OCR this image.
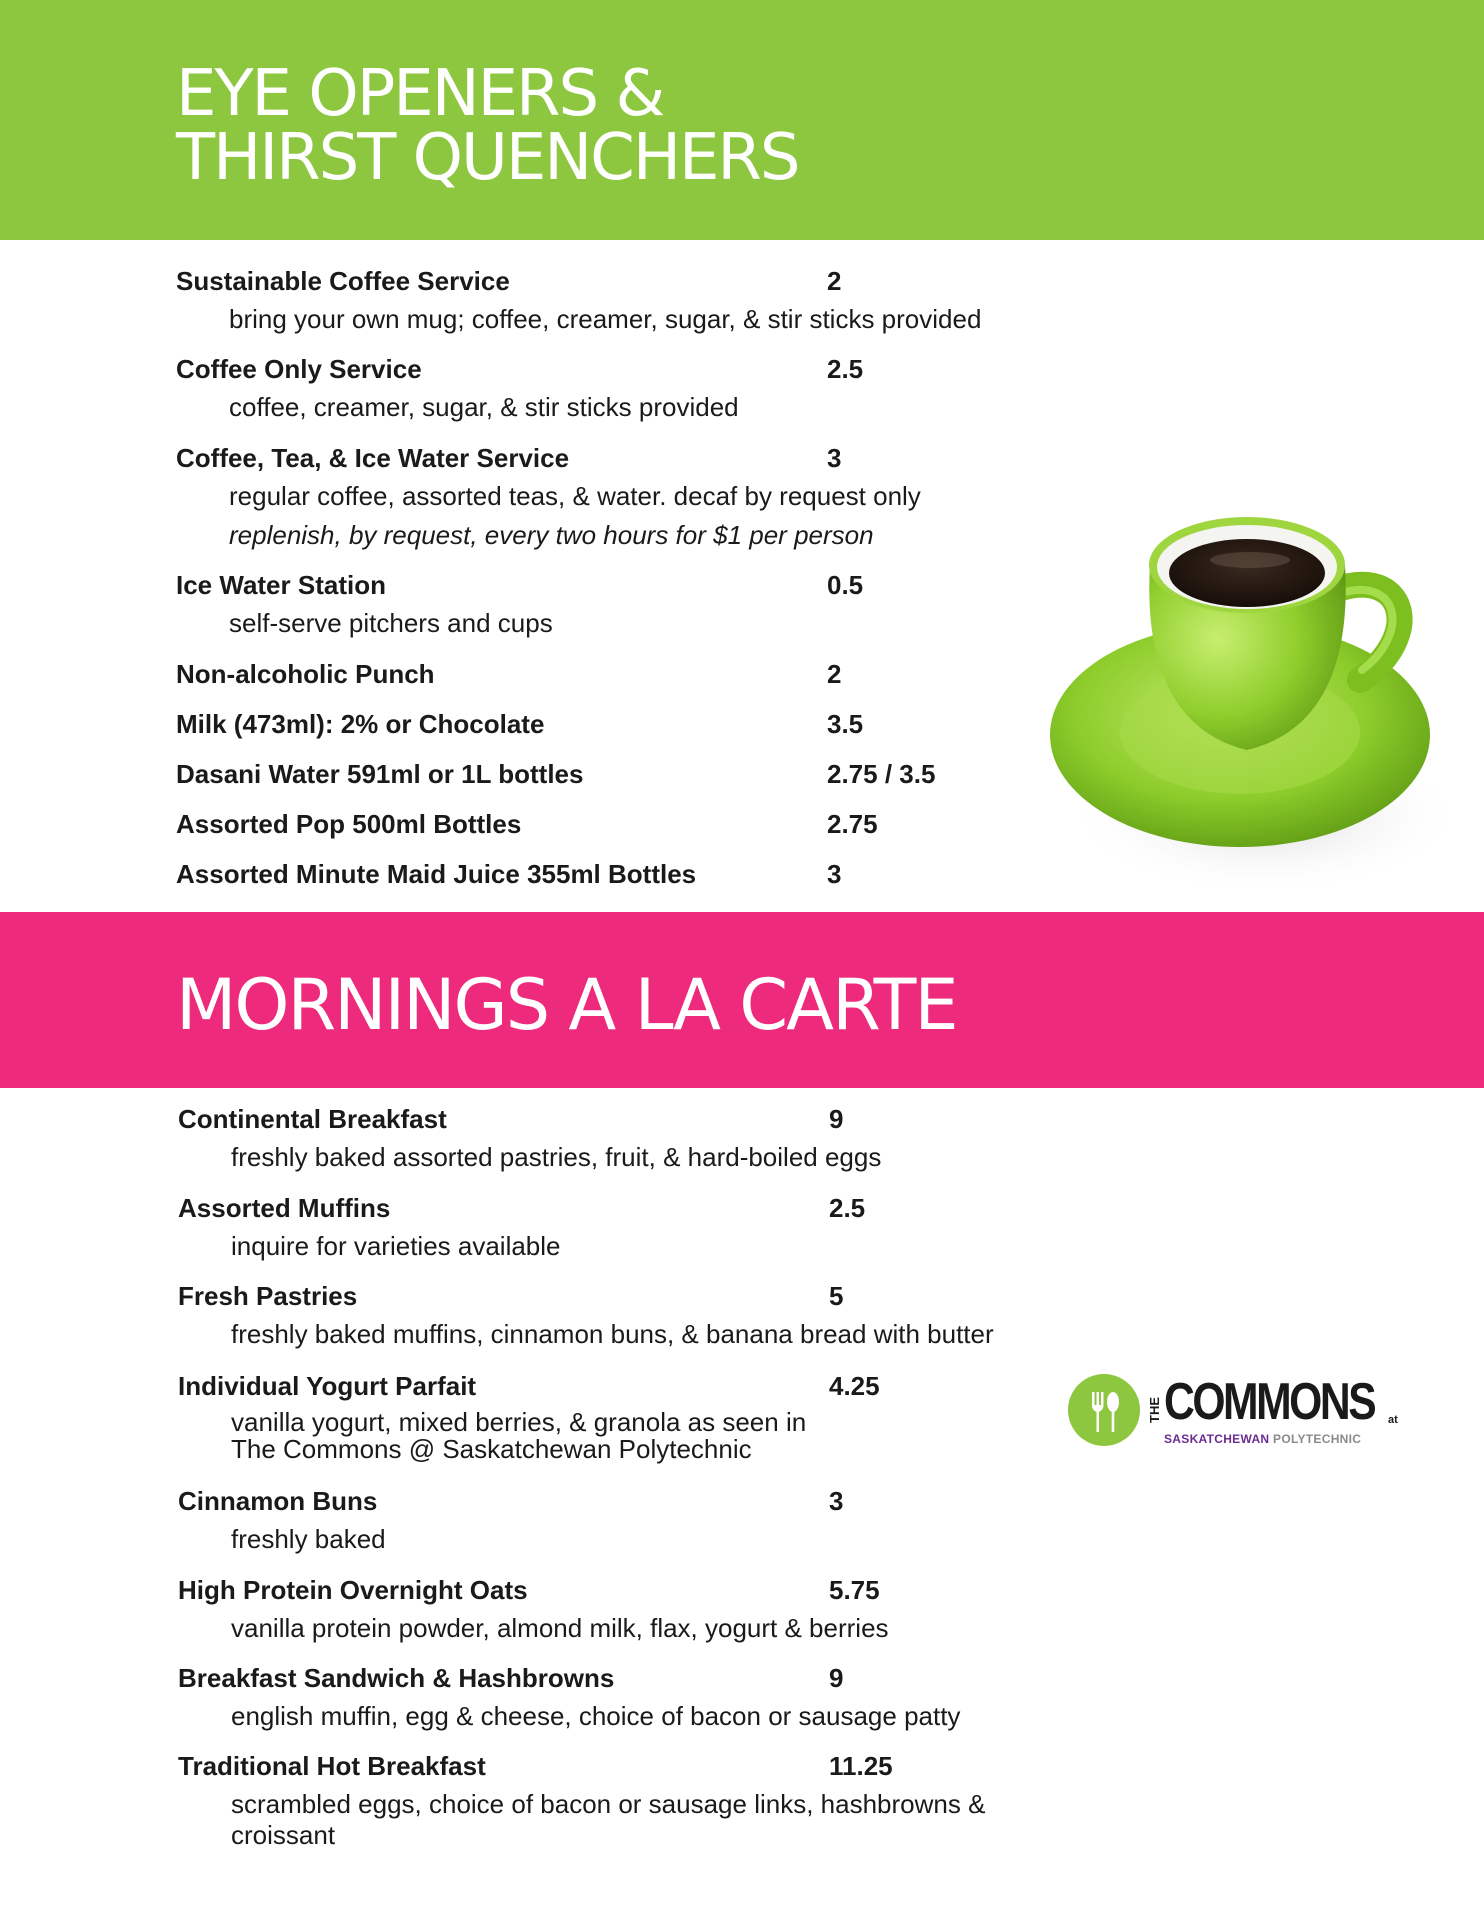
EYE OPENERS &
THIRST QUENCHERS
Sustainable Coffee Service	2
bring your own mug; coffee, creamer, sugar, & stir sticks provided
Coffee Only Service	2.5
coffee, creamer, sugar, & stir sticks provided
Coffee, Tea, & Ice Water Service	3
regular coffee, assorted teas, & water. decaf by request only
replenish, by request, every two hours for $1 per person
Ice Water Station	0.5
self-serve pitchers and cups
Non-alcoholic Punch	2
Milk (473ml): 2% or Chocolate	3.5
Dasani Water 591ml or 1L bottles	2.75 / 3.5
Assorted Pop 500ml Bottles	2.75
Assorted Minute Maid Juice 355ml Bottles	3
MORNINGS A LA CARTE
Continental Breakfast	9
freshly baked assorted pastries, fruit, & hard-boiled eggs
Assorted Muffins	2.5
inquire for varieties available
Fresh Pastries	5
freshly baked muffins, cinnamon buns, & banana bread with butter
Individual Yogurt Parfait	4.25
vanilla yogurt, mixed berries, & granola as seen in
The Commons @ Saskatchewan Polytechnic
Cinnamon Buns	3
freshly baked
High Protein Overnight Oats	5.75
vanilla protein powder, almond milk, flax, yogurt & berries
Breakfast Sandwich & Hashbrowns	9
english muffin, egg & cheese, choice of bacon or sausage patty
Traditional Hot Breakfast	11.25
scrambled eggs, choice of bacon or sausage links, hashbrowns & croissant
THE COMMONS at
SASKATCHEWAN POLYTECHNIC
